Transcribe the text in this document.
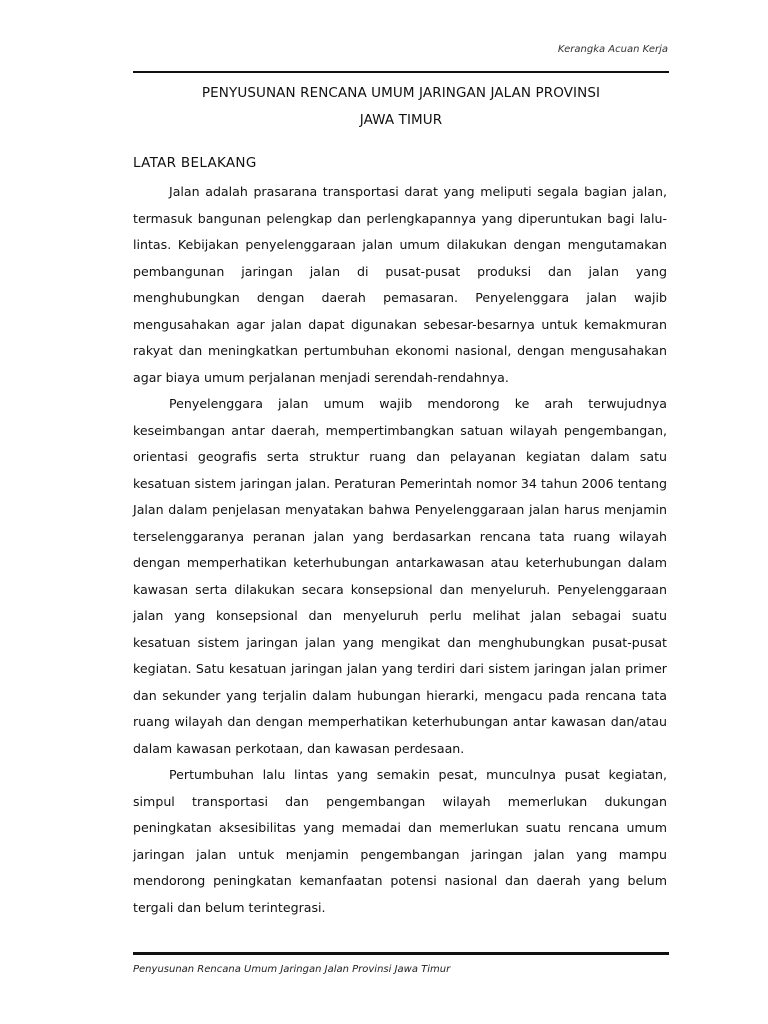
Kerangka Acuan Kerja
PENYUSUNAN RENCANA UMUM JARINGAN JALAN PROVINSI
JAWA TIMUR
LATAR BELAKANG

Jalan adalah prasarana transportasi darat yang meliputi segala bagian jalan, termasuk bangunan pelengkap dan perlengkapannya yang diperuntukan bagi lalu-lintas. Kebijakan penyelenggaraan jalan umum dilakukan dengan mengutamakan pembangunan jaringan jalan di pusat-pusat produksi dan jalan yang menghubungkan dengan daerah pemasaran. Penyelenggara jalan wajib mengusahakan agar jalan dapat digunakan sebesar-besarnya untuk kemakmuran rakyat dan meningkatkan pertumbuhan ekonomi nasional, dengan mengusahakan agar biaya umum perjalanan menjadi serendah-rendahnya.

Penyelenggara jalan umum wajib mendorong ke arah terwujudnya keseimbangan antar daerah, mempertimbangkan satuan wilayah pengembangan, orientasi geografis serta struktur ruang dan pelayanan kegiatan dalam satu kesatuan sistem jaringan jalan. Peraturan Pemerintah nomor 34 tahun 2006 tentang Jalan dalam penjelasan menyatakan bahwa Penyelenggaraan jalan harus menjamin terselenggaranya peranan jalan yang berdasarkan rencana tata ruang wilayah dengan memperhatikan keterhubungan antarkawasan atau keterhubungan dalam kawasan serta dilakukan secara konsepsional dan menyeluruh. Penyelenggaraan jalan yang konsepsional dan menyeluruh perlu melihat jalan sebagai suatu kesatuan sistem jaringan jalan yang mengikat dan menghubungkan pusat-pusat kegiatan. Satu kesatuan jaringan jalan yang terdiri dari sistem jaringan jalan primer dan sekunder yang terjalin dalam hubungan hierarki, mengacu pada rencana tata ruang wilayah dan dengan memperhatikan keterhubungan antar kawasan dan/atau dalam kawasan perkotaan, dan kawasan perdesaan.

Pertumbuhan lalu lintas yang semakin pesat, munculnya pusat kegiatan, simpul transportasi dan pengembangan wilayah memerlukan dukungan peningkatan aksesibilitas yang memadai dan memerlukan suatu rencana umum jaringan jalan untuk menjamin pengembangan jaringan jalan yang mampu mendorong peningkatan kemanfaatan potensi nasional dan daerah yang belum tergali dan belum terintegrasi.

Penyusunan Rencana Umum Jaringan Jalan Provinsi Jawa Timur
